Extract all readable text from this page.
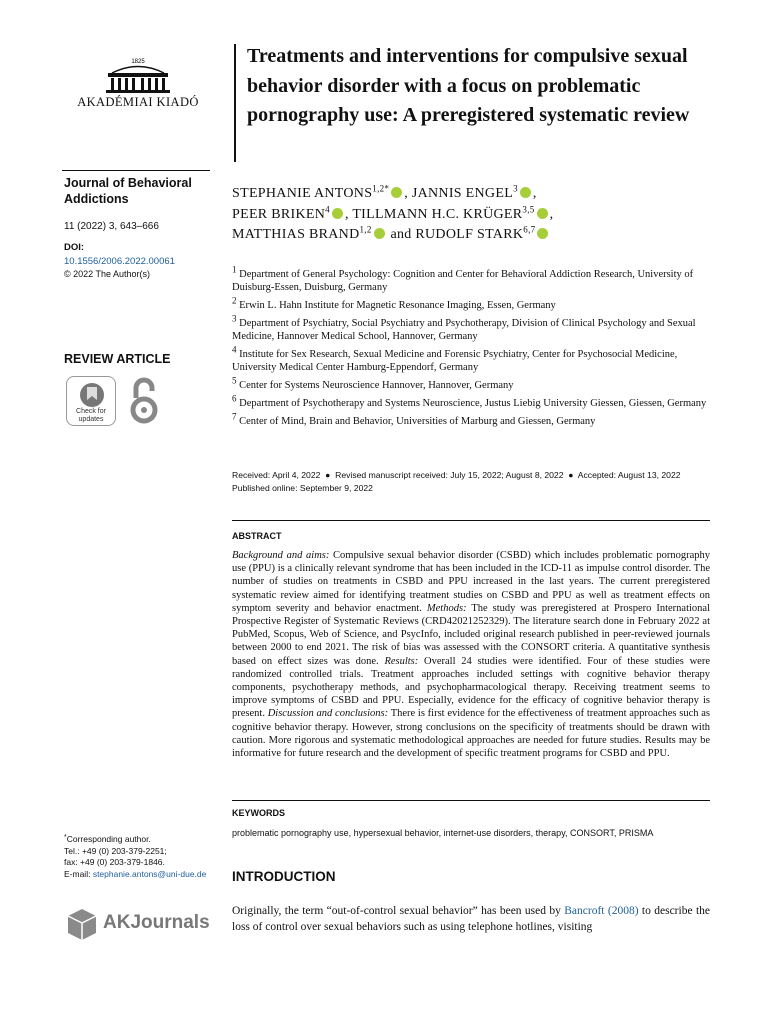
1825
AKADÉMIAI KIADÓ
Journal of Behavioral Addictions
11 (2022) 3, 643–666
DOI:
10.1556/2006.2022.00061
© 2022 The Author(s)
REVIEW ARTICLE
Check for
updates
*Corresponding author.
Tel.: +49 (0) 203-379-2251;
fax: +49 (0) 203-379-1846.
E-mail: stephanie.antons@uni-due.de
AKJournals
Treatments and interventions for compulsive sexual behavior disorder with a focus on problematic pornography use: A preregistered systematic review
STEPHANIE $ANTONS^{1,2*}$ , JANNIS ENGEL$^3$ ,
PEER BRIKEN$^4$ , TILLMANN H.C. KRÜGER$^{3,5}$ ,
MATTHIAS BRAND$^{1,2}$ and RUDOLF STARK$^{6,7}$
$^1$ Department of General Psychology: Cognition and Center for Behavioral Addiction Research, University of Duisburg-Essen, Duisburg, Germany
$^2$ Erwin L. Hahn Institute for Magnetic Resonance Imaging, Essen, Germany
$^3$ Department of Psychiatry, Social Psychiatry and Psychotherapy, Division of Clinical Psychology and Sexual Medicine, Hannover Medical School, Hannover, Germany
$^4$ Institute for Sex Research, Sexual Medicine and Forensic Psychiatry, Center for Psychosocial Medicine, University Medical Center Hamburg-Eppendorf, Germany
$^5$ Center for Systems Neuroscience Hannover, Hannover, Germany
$^6$ Department of Psychotherapy and Systems Neuroscience, Justus Liebig University Giessen, Giessen, Germany
$^7$ Center of Mind, Brain and Behavior, Universities of Marburg and Giessen, Germany
Received: April 4, 2022  ●  Revised manuscript received: July 15, 2022; August 8, 2022  ●  Accepted: August 13, 2022
Published online: September 9, 2022
ABSTRACT
Background and aims: Compulsive sexual behavior disorder (CSBD) which includes problematic pornography use (PPU) is a clinically relevant syndrome that has been included in the ICD-11 as impulse control disorder. The number of studies on treatments in CSBD and PPU increased in the last years. The current preregistered systematic review aimed for identifying treatment studies on CSBD and PPU as well as treatment effects on symptom severity and behavior enactment. Methods: The study was preregistered at Prospero International Prospective Register of Systematic Reviews (CRD42021252329). The literature search done in February 2022 at PubMed, Scopus, Web of Science, and PsycInfo, included original research published in peer-reviewed journals between 2000 to end 2021. The risk of bias was assessed with the CONSORT criteria. A quantitative synthesis based on effect sizes was done. Results: Overall 24 studies were identified. Four of these studies were randomized controlled trials. Treatment approaches included settings with cognitive behavior therapy components, psychotherapy methods, and psychopharmacological therapy. Receiving treatment seems to improve symptoms of CSBD and PPU. Especially, evidence for the efficacy of cognitive behavior therapy is present. Discussion and conclusions: There is first evidence for the effectiveness of treatment approaches such as cognitive behavior therapy. However, strong conclusions on the specificity of treatments should be drawn with caution. More rigorous and systematic methodological approaches are needed for future studies. Results may be informative for future research and the development of specific treatment programs for CSBD and PPU.
KEYWORDS
problematic pornography use, hypersexual behavior, internet-use disorders, therapy, CONSORT, PRISMA
INTRODUCTION
Originally, the term “out-of-control sexual behavior” has been used by Bancroft (2008) to describe the loss of control over sexual behaviors such as using telephone hotlines, visiting
